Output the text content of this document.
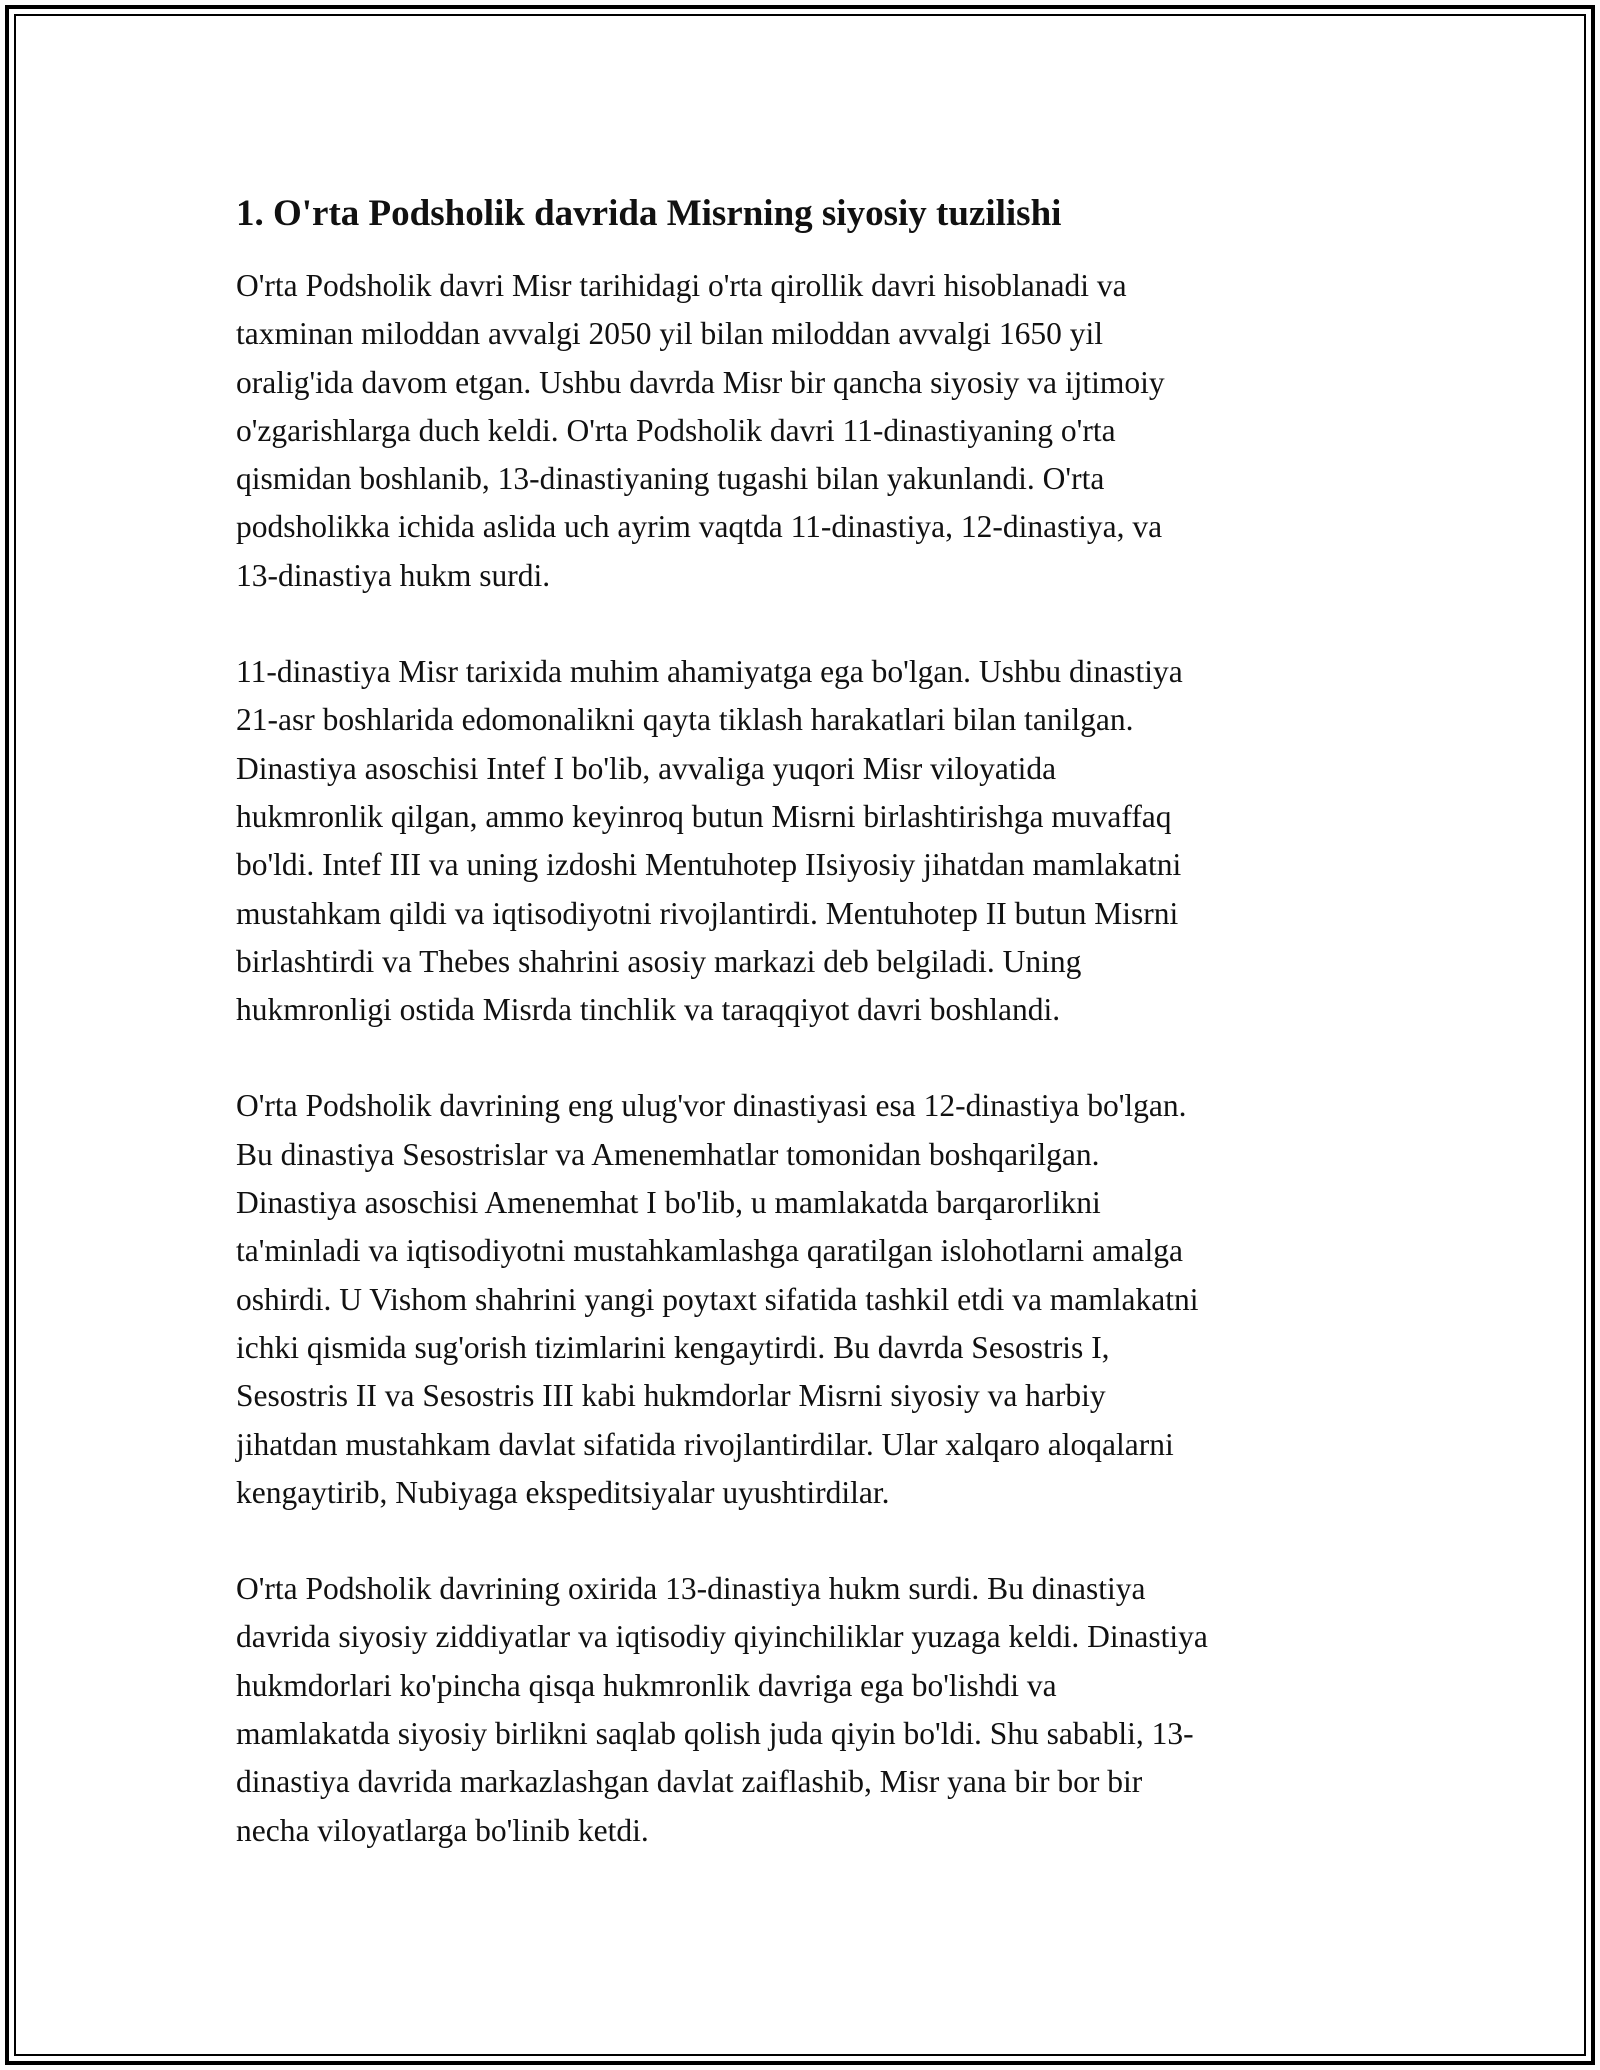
1. O'rta Podsholik davrida Misrning siyosiy tuzilishi

O'rta Podsholik davri Misr tarihidagi o'rta qirollik davri hisoblanadi va
taxminan miloddan avvalgi 2050 yil bilan miloddan avvalgi 1650 yil
oralig'ida davom etgan. Ushbu davrda Misr bir qancha siyosiy va ijtimoiy
o'zgarishlarga duch keldi. O'rta Podsholik davri 11-dinastiyaning o'rta
qismidan boshlanib, 13-dinastiyaning tugashi bilan yakunlandi. O'rta
podsholikka ichida aslida uch ayrim vaqtda 11-dinastiya, 12-dinastiya, va
13-dinastiya hukm surdi.

11-dinastiya Misr tarixida muhim ahamiyatga ega bo'lgan. Ushbu dinastiya
21-asr boshlarida edomonalikni qayta tiklash harakatlari bilan tanilgan.
Dinastiya asoschisi Intef I bo'lib, avvaliga yuqori Misr viloyatida
hukmronlik qilgan, ammo keyinroq butun Misrni birlashtirishga muvaffaq
bo'ldi. Intef III va uning izdoshi Mentuhotep IIsiyosiy jihatdan mamlakatni
mustahkam qildi va iqtisodiyotni rivojlantirdi. Mentuhotep II butun Misrni
birlashtirdi va Thebes shahrini asosiy markazi deb belgiladi. Uning
hukmronligi ostida Misrda tinchlik va taraqqiyot davri boshlandi.

O'rta Podsholik davrining eng ulug'vor dinastiyasi esa 12-dinastiya bo'lgan.
Bu dinastiya Sesostrislar va Amenemhatlar tomonidan boshqarilgan.
Dinastiya asoschisi Amenemhat I bo'lib, u mamlakatda barqarorlikni
ta'minladi va iqtisodiyotni mustahkamlashga qaratilgan islohotlarni amalga
oshirdi. U Vishom shahrini yangi poytaxt sifatida tashkil etdi va mamlakatni
ichki qismida sug'orish tizimlarini kengaytirdi. Bu davrda Sesostris I,
Sesostris II va Sesostris III kabi hukmdorlar Misrni siyosiy va harbiy
jihatdan mustahkam davlat sifatida rivojlantirdilar. Ular xalqaro aloqalarni
kengaytirib, Nubiyaga ekspeditsiyalar uyushtirdilar.

O'rta Podsholik davrining oxirida 13-dinastiya hukm surdi. Bu dinastiya
davrida siyosiy ziddiyatlar va iqtisodiy qiyinchiliklar yuzaga keldi. Dinastiya
hukmdorlari ko'pincha qisqa hukmronlik davriga ega bo'lishdi va
mamlakatda siyosiy birlikni saqlab qolish juda qiyin bo'ldi. Shu sababli, 13-
dinastiya davrida markazlashgan davlat zaiflashib, Misr yana bir bor bir
necha viloyatlarga bo'linib ketdi.
